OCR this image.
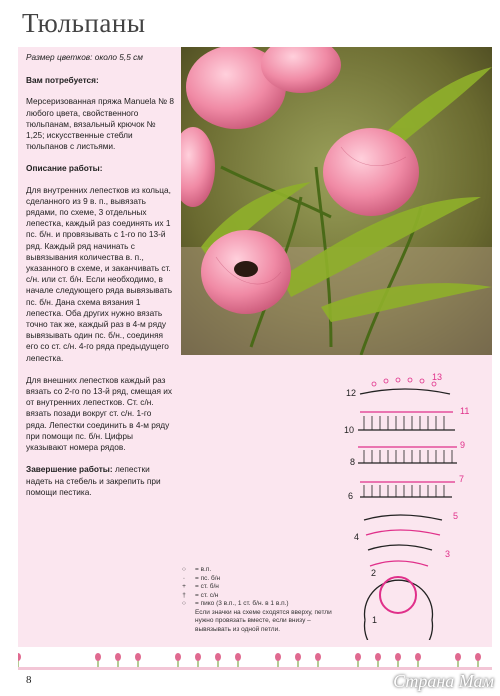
Тюльпаны

Размер цветков: около 5,5 см

Вам потребуется:

Мерсеризованная пряжа Manuela № 8 любого цвета, свойственного тюльпанам, вязальный крючок № 1,25; искусственные стебли тюльпанов с листьями.

Описание работы:

Для внутренних лепестков из кольца, сделанного из 9 в. п., вывязать рядами, по схеме, 3 отдельных лепестка, каждый раз соединять их 1 пс. б/н. и провязывать с 1-го по 13-й ряд. Каждый ряд начинать с вывязывания количества в. п., указанного в схеме, и заканчивать ст. с/н. или ст. б/н. Если необходимо, в начале следующего ряда вывязывать пс. б/н. Дана схема вязания 1 лепестка. Оба других нужно вязать точно так же, каждый раз в 4-м ряду вывязывать один пс. б/н., соединяя его со ст. с/н. 4-го ряда предыдущего лепестка.

Для внешних лепестков каждый раз вязать со 2-го по 13-й ряд, смещая их от внутренних лепестков. Ст. с/н. вязать позади вокруг ст. с/н. 1-го ряда. Лепестки соединить в 4-м ряду при помощи пс. б/н. Цифры указывают номера рядов.

Завершение работы: лепестки надеть на стебель и закрепить при помощи пестика.

1
2
3
4
5
6
7
8
9
10
11
12
13
○	= в.п.
∙	= пс. б/н
+	= ст. б/н
†	= ст. с/н
○	= пико (3 в.п., 1 ст. б/н. в 1 в.п.)
Если значки на схеме сходятся вверху, петли нужно провязать вместе, если внизу – вывязывать из одной петли.
8	Страна Мам
